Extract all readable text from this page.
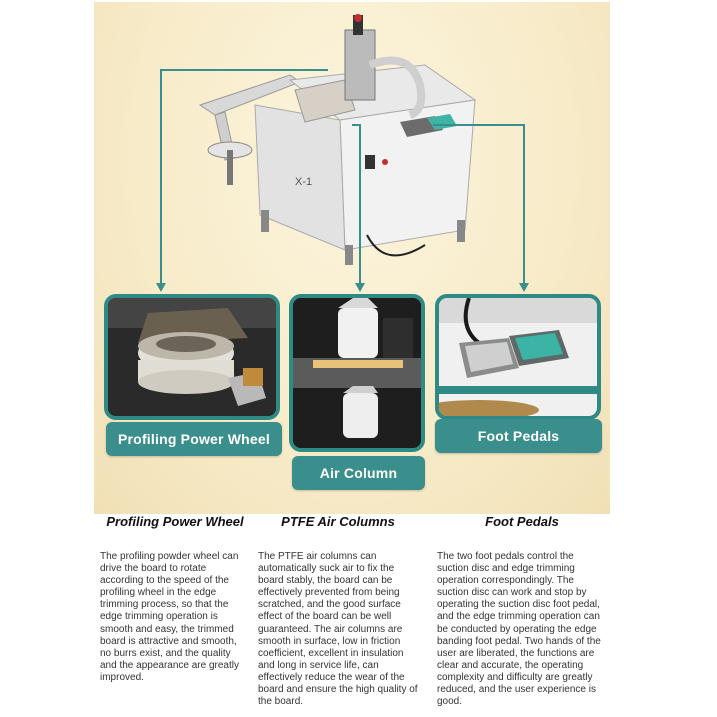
X-1
Profiling Power Wheel
Air Column
Foot Pedals
Profiling Power Wheel
The profiling powder wheel can drive the board to rotate according to the speed of the profiling wheel in the edge trimming process, so that the edge trimming operation is smooth and easy, the trimmed board is attractive and smooth, no burrs exist, and the quality and the appearance are greatly improved.
PTFE Air Columns
The PTFE air columns can automatically suck air to fix the board stably, the board can be effectively prevented from being scratched, and the good surface effect of the board can be well guaranteed. The air columns are smooth in surface, low in friction coefficient, excellent in insulation and long in service life, can effectively reduce the wear of the board and ensure the high quality of the board.
Foot Pedals
The two foot pedals control the suction disc and edge trimming operation correspondingly. The suction disc can work and stop by operating the suction disc foot pedal, and the edge trimming operation can be conducted by operating the edge banding foot pedal. Two hands of the user are liberated, the functions are clear and accurate, the operating complexity and difficulty are greatly reduced, and the user experience is good.
